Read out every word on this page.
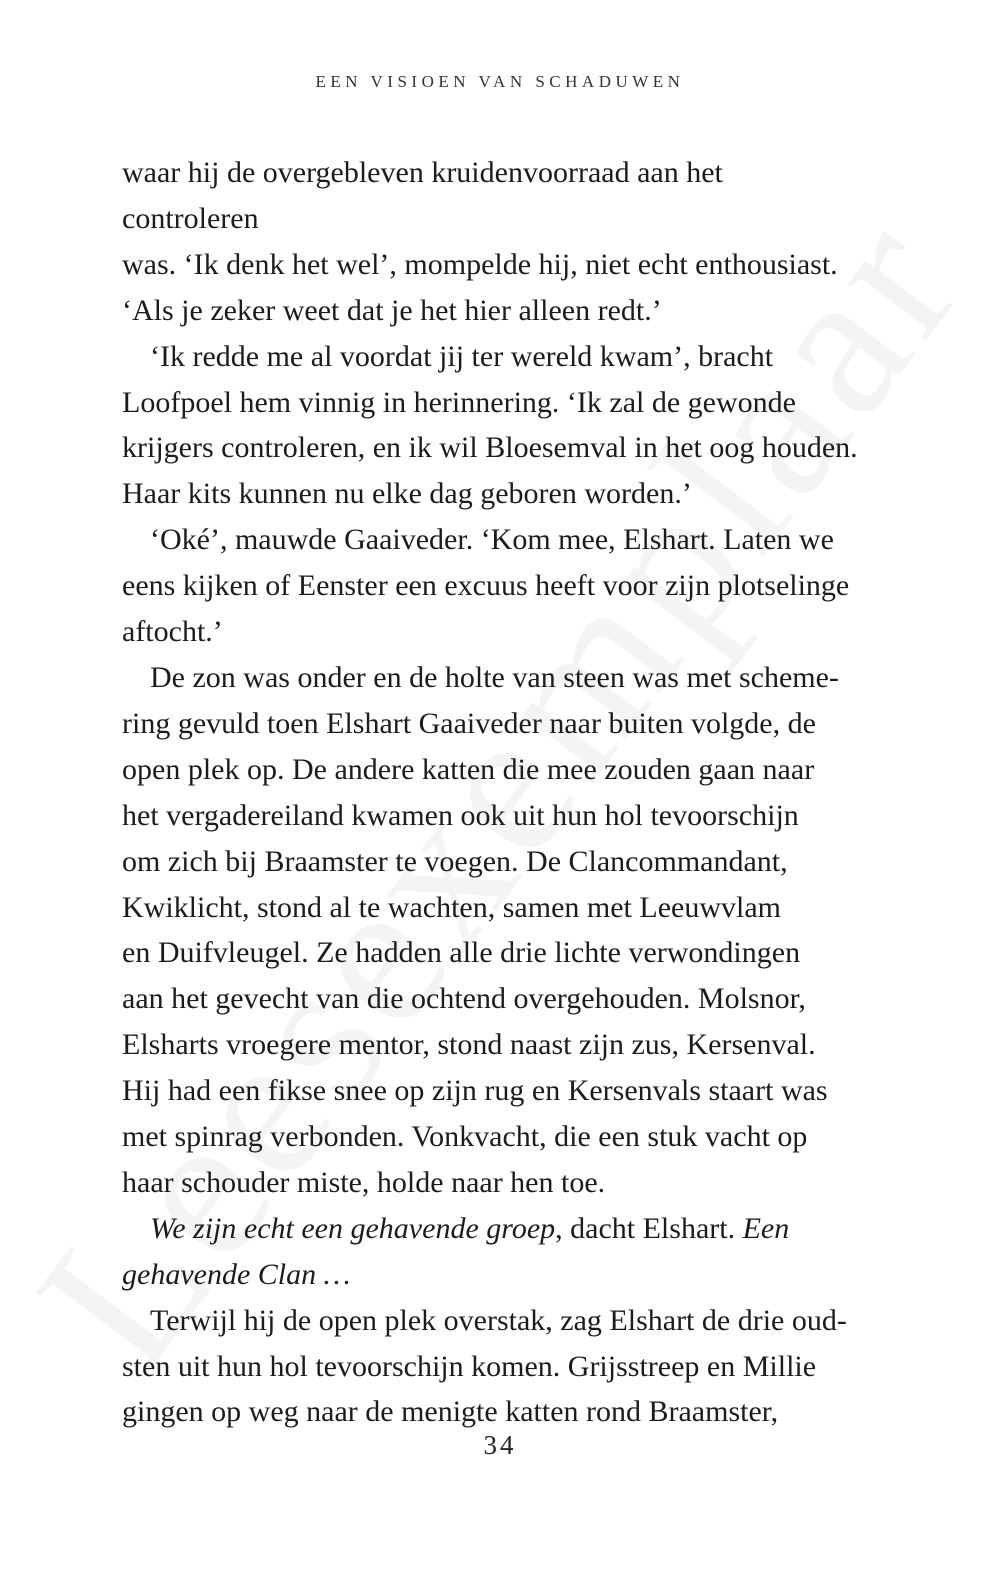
EEN VISIOEN VAN SCHADUWEN

waar hij de overgebleven kruidenvoorraad aan het controleren
was. ‘Ik denk het wel’, mompelde hij, niet echt enthousiast.
‘Als je zeker weet dat je het hier alleen redt.’

‘Ik redde me al voordat jij ter wereld kwam’, bracht
Loofpoel hem vinnig in herinnering. ‘Ik zal de gewonde
krijgers controleren, en ik wil Bloesemval in het oog houden.
Haar kits kunnen nu elke dag geboren worden.’

‘Oké’, mauwde Gaaiveder. ‘Kom mee, Elshart. Laten we
eens kijken of Eenster een excuus heeft voor zijn plotselinge
aftocht.’

De zon was onder en de holte van steen was met scheme-
ring gevuld toen Elshart Gaaiveder naar buiten volgde, de
open plek op. De andere katten die mee zouden gaan naar
het vergadereiland kwamen ook uit hun hol tevoorschijn
om zich bij Braamster te voegen. De Clancommandant,
Kwiklicht, stond al te wachten, samen met Leeuwvlam
en Duifvleugel. Ze hadden alle drie lichte verwondingen
aan het gevecht van die ochtend overgehouden. Molsnor,
Elsharts vroegere mentor, stond naast zijn zus, Kersenval.
Hij had een fikse snee op zijn rug en Kersenvals staart was
met spinrag verbonden. Vonkvacht, die een stuk vacht op
haar schouder miste, holde naar hen toe.

We zijn echt een gehavende groep, dacht Elshart. Een
gehavende Clan …

Terwijl hij de open plek overstak, zag Elshart de drie oud-
sten uit hun hol tevoorschijn komen. Grijsstreep en Millie
gingen op weg naar de menigte katten rond Braamster,

34
